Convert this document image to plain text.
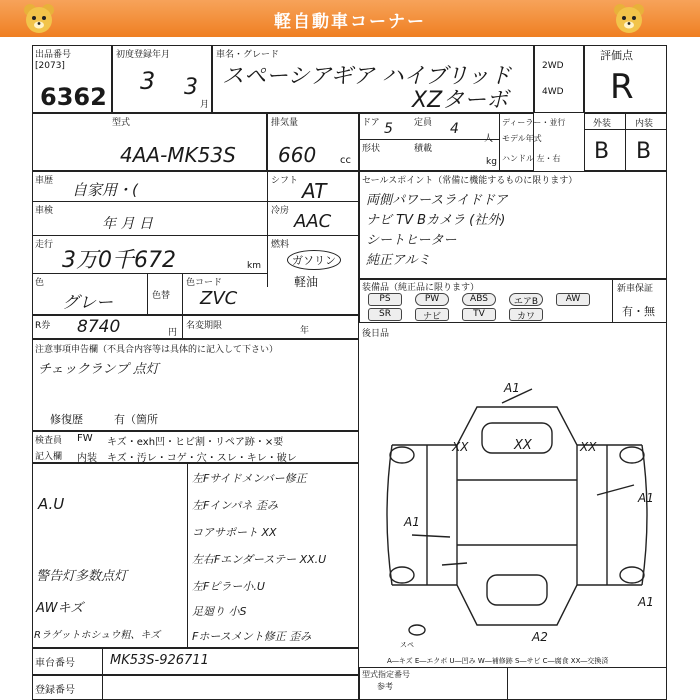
軽自動車コーナー
出品番号
[2073]
6362
初度登録年月
3 3
月
車名・グレード
スペーシアギア ハイブリッド
XZターボ
2WD
4WD
評価点
R
型式
4AA-MK53S
排気量
660 cc
ドア 5 定員 4
人
形状	積載
kg
ディーラー・並行
モデル年式
ハンドル 左・右
外装	内装
B B
車歴 自家用・(	シフト AT
車検
年 月 日
冷房 AAC
走行
3万0千672	km
燃料
ガソリン
軽油
色
グレー	色替
色コード
ZVC
R券 8740	円
名変期限	年
注意事項申告欄（不具合内容等は具体的に記入して下さい）
チェックランプ 点灯
修復歴	有（箇所
セールスポイント（常備に機能するものに限ります）
両側パワースライドドア
ナビ TV Bカメラ (社外)
シートヒーター
純正アルミ
装備品（純正品に限ります）	新車保証
有・無
PS	PW	ABS	エアB	AW
SR	ナビ	TV	カワ
後日品
検査員
記入欄
FW キズ・exh凹・ヒビ割・リペア跡・×要
内装 キズ・汚レ・コゲ・穴・スレ・キレ・破レ
A.U
警告灯多数点灯
AWキズ
Rラゲットホシュウ粗、キズ
左Fサイドメンバー修正
左Fインパネ 歪み
コアサポート XX
左右Fエンダーステー XX.U
左Fピラー小.U
足廻り 小S
Fホースメント修正 歪み
A1
A1
A1
A1
A2
XX	XX	XX
スペ
A―キズ E―エクボ U―凹み W―補修跡 S―サビ C―腐食 XX―交換済
車台番号	MK53S-926711
登録番号
型式指定番号
参考
